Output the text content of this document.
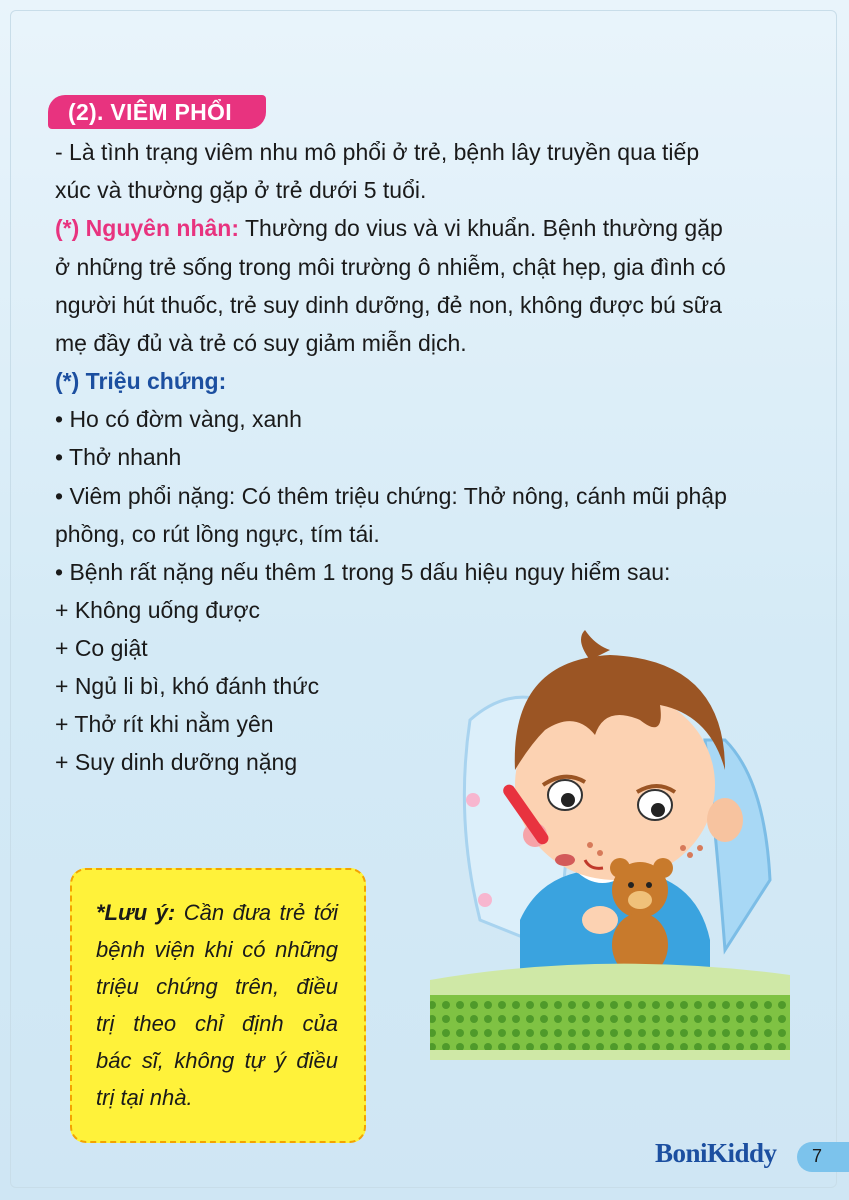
(2). VIÊM PHỔI
- Là tình trạng viêm nhu mô phổi ở trẻ, bệnh lây truyền qua tiếp
xúc và thường gặp ở trẻ dưới 5 tuổi.
(*) Nguyên nhân: Thường do vius và vi khuẩn. Bệnh thường gặp
ở những trẻ sống trong môi trường ô nhiễm, chật hẹp, gia đình có
người hút thuốc, trẻ suy dinh dưỡng, đẻ non, không được bú sữa
mẹ đầy đủ và trẻ có suy giảm miễn dịch.
(*) Triệu chứng:
• Ho có đờm vàng, xanh
• Thở nhanh
• Viêm phổi nặng: Có thêm triệu chứng: Thở nông, cánh mũi phập
phồng, co rút lồng ngực, tím tái.
• Bệnh rất nặng nếu thêm 1 trong 5 dấu hiệu nguy hiểm sau:
+ Không uống được
+ Co giật
+ Ngủ li bì, khó đánh thức
+ Thở rít khi nằm yên
+ Suy dinh dưỡng nặng
*Lưu ý: Cần đưa trẻ tới
bệnh viện khi có những
triệu chứng trên, điều
trị theo chỉ định của
bác sĩ, không tự ý điều
trị tại nhà.
BoniKiddy 7
